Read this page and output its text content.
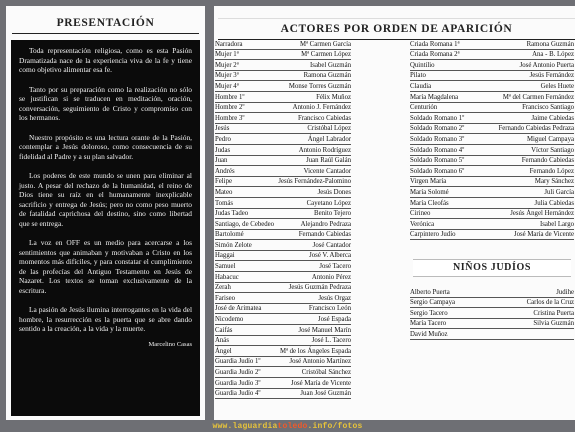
PRESENTACIÓN

Toda representación religiosa, como es esta Pasión Dramatizada nace de la experiencia viva de la fe y tiene como objetivo alimentar esa fe.

Tanto por su preparación como la realización no sólo se justifican si se traducen en meditación, oración, conversación, seguimiento de Cristo y compromiso con los hermanos.

Nuestro propósito es una lectura orante de la Pasión, contemplar a Jesús doloroso, como consecuencia de su fidelidad al Padre y a su plan salvador.

Los poderes de este mundo se unen para eliminar al justo. A pesar del rechazo de la humanidad, el reino de Dios tiene su raíz en el humanamente inexplicable sacrificio y entrega de Jesús; pero no como peso muerto de fatalidad caprichosa del destino, sino como libertad que se entrega.

La voz en OFF es un medio para acercarse a los sentimientos que animaban y motivaban a Cristo en los momentos más difíciles, y para constatar el cumplimiento de las profecías del Antiguo Testamento en Jesús de Nazaret. Los textos se toman exclusivamente de la escritura.

La pasión de Jesús ilumina interrogantes en la vida del hombre, la resurrección es la puerta que se abre dando sentido a la creación, a la vida y la muerte.

Marcelino Casas
ACTORES POR ORDEN DE APARICIÓN
Narradora	Mª Carmen García
Mujer 1ª	Mª Carmen López
Mujer 2ª	Isabel Guzmán
Mujer 3ª	Ramona Guzmán
Mujer 4ª	Monse Torres Guzmán
Hombre 1º	Félix Muñoz
Hombre 2º	Antonio J. Fernández
Hombre 3º	Francisco Cabiedas
Jesús	Cristóbal López
Pedro	Ángel Labrador
Judas	Antonio Rodríguez
Juan	Juan Raúl Galán
Andrés	Vicente Cantador
Felipe	Jesús Fernández-Palomino
Mateo	Jesús Dones
Tomás	Cayetano López
Judas Tadeo	Benito Tejero
Santiago, de Cebedeo	Alejandro Pedraza
Bartolomé	Fernando Cabiedas
Simón Zelote	José Cantador
Haggai	José V. Alberca
Samuel	José Tacero
Habacuc	Antonio Pérez
Zerah	Jesús Guzmán Pedraza
Fariseo	Jesús Orgaz
José de Arimatea	Francisco León
Nicodemo	José Espada
Caifás	José Manuel Marín
Anás	José L. Tacero
Ángel	Mª de los Ángeles Espada
Guardia Judío 1º	José Antonio Martínez
Guardia Judío 2º	Cristóbal Sánchez
Guardia Judío 3º	José María de Vicente
Guardia Judío 4º	Juan José Guzmán
Criada Romana 1ª	Ramona Guzmán
Criada Romana 2ª	Ana - B. López
Quintilio	José Antonio Puerta
Pilato	Jesús Fernández
Claudia	Geles Huete
María Magdalena	Mª del Carmen Fernández
Centurión	Francisco Santiago
Soldado Romano 1º	Jaime Cabiedas
Soldado Romano 2º	Fernando Cabiedas Pedraza
Soldado Romano 3º	Miguel Campaya
Soldado Romano 4º	Víctor Santiago
Soldado Romano 5º	Fernando Cabiedas
Soldado Romano 6º	Fernando López
Virgen María	Mary Sánchez
María Solomé	Juli García
María Cleofás	Julia Cabiedas
Cirineo	Jesús Ángel Hernández
Verónica	Isabel Largo
Carpintero Judío	José María de Vicente
NIÑOS JUDÍOS
Alberto Puerta	Judihe
Sergio Campaya	Carlos de la Cruz
Sergio Tacero	Cristina Puerta
María Tacero	Silvia Guzmán
David Muñoz
www.laguardiatoledo.info/fotos
